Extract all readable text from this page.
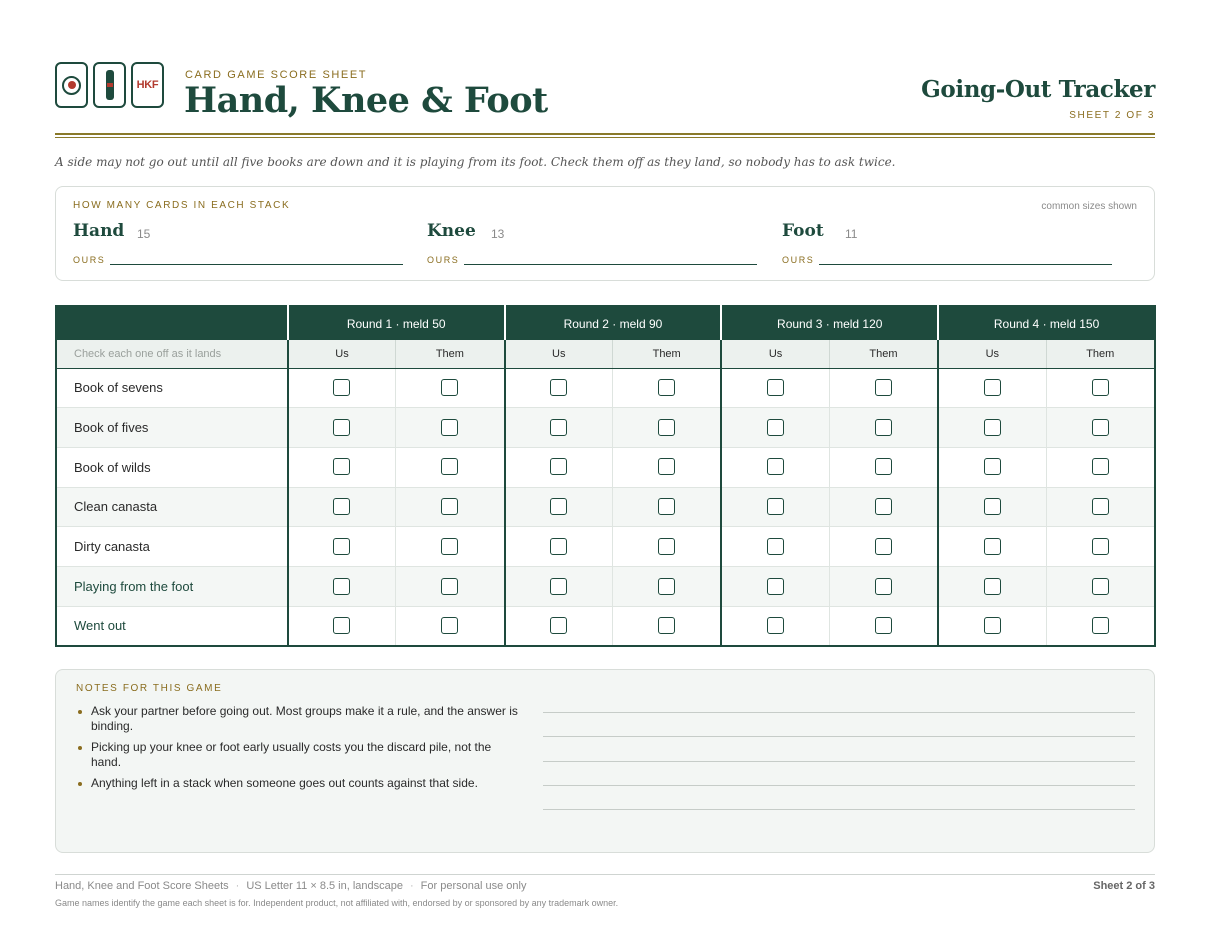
HKF
CARD GAME SCORE SHEET
Hand, Knee & Foot	Going-Out Tracker
SHEET 2 OF 3
A side may not go out until all five books are down and it is playing from its foot. Check them off as they land, so nobody has to ask twice.
HOW MANY CARDS IN EACH STACK	common sizes shown
Hand 15
OURS
Knee 13
OURS
Foot 11
OURS
	Round 1 · meld 50		Round 2 · meld 90		Round 3 · meld 120		Round 4 · meld 150	
Check each one off as it lands	Us	Them	Us	Them	Us	Them	Us	Them
Book of sevens								
Book of fives								
Book of wilds								
Clean canasta								
Dirty canasta								
Playing from the foot								
Went out								
NOTES FOR THIS GAME
Ask your partner before going out. Most groups make it a rule, and the answer is binding.
Picking up your knee or foot early usually costs you the discard pile, not the hand.
Anything left in a stack when someone goes out counts against that side.
Hand, Knee and Foot Score Sheets · US Letter 11 × 8.5 in, landscape · For personal use only	Sheet 2 of 3
Game names identify the game each sheet is for. Independent product, not affiliated with, endorsed by or sponsored by any trademark owner.
